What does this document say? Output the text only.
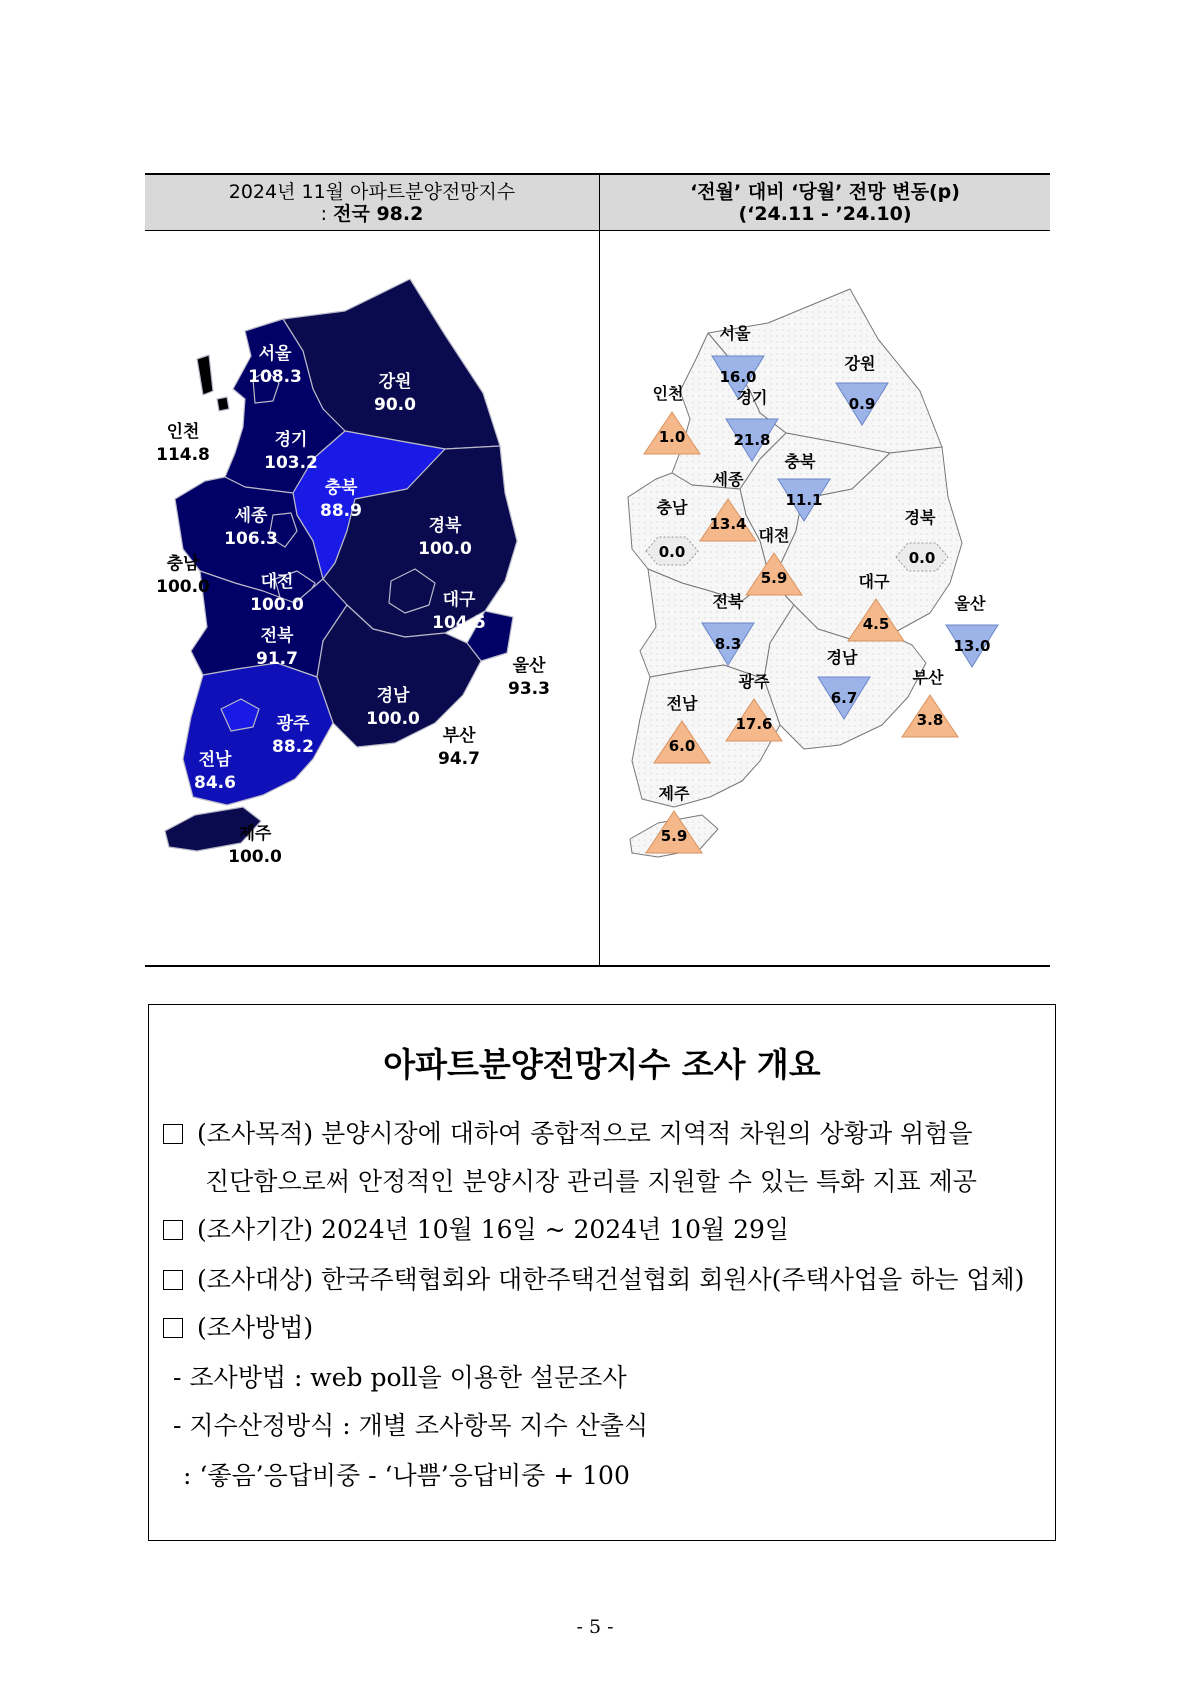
2024년 11월 아파트분양전망지수
: 전국 98.2
‘전월’ 대비 ‘당월’ 전망 변동(p)
(‘24.11 - ’24.10)
서울
108.3	강원
90.0
인천
114.8
경기
103.2
충북
88.9
세종
106.3
경북
100.0
충남
100.0	대전
100.0	대구
104.5
전북
91.7	울산
93.3
경남
100.0
광주
88.2
부산
94.7
전남
84.6
제주
100.0
서울
16.0
강원
0.9
인천
1.0
경기
21.8
충북
11.1
세종
13.4
충남
0.0
경북
0.0
대전
5.9	대구
4.5
전북
8.3
울산
13.0
경남
6.7
광주
17.6
부산
3.8
전남
6.0
제주
5.9
아파트분양전망지수 조사 개요
(조사목적) 분양시장에 대하여 종합적으로 지역적 차원의 상황과 위험을
진단함으로써 안정적인 분양시장 관리를 지원할 수 있는 특화 지표 제공
(조사기간) 2024년 10월 16일 ~ 2024년 10월 29일
(조사대상) 한국주택협회와 대한주택건설협회 회원사(주택사업을 하는 업체)
(조사방법)
- 조사방법 : web poll을 이용한 설문조사
- 지수산정방식 : 개별 조사항목 지수 산출식
: ‘좋음’응답비중 - ‘나쁨’응답비중 + 100
- 5 -
